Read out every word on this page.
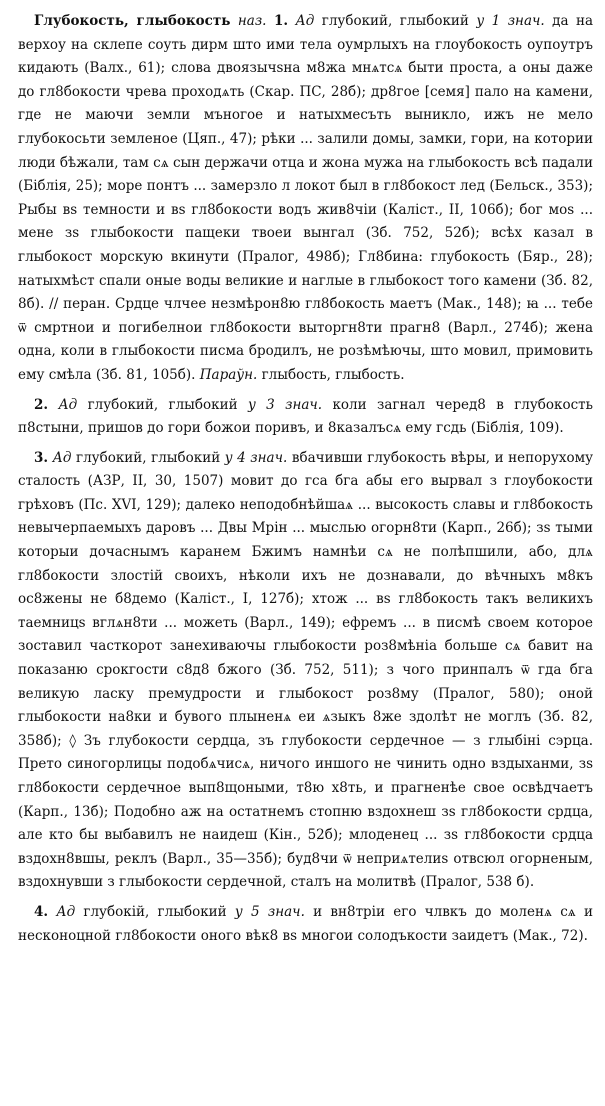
Глубокость, глыбокость наз. 1. Ад глубокий, глыбокий у 1 знач. да на верхоу на склепе соуть дирм што ими тела оумрлыхъ на глоубокость оупоутръ кидають (Валх., 61); слова двоязычѕна м8жа мнѧтсѧ быти проста, а оны даже до гл8бокости чрева проходѧть (Скар. ПС, 28б); др8гое [семя] пало на камени, где не маючи земли мъногое и натыхмесъть выникло, ижъ не мело глубокосьти земленое (Цяп., 47); рѣки ... залили домы, замки, гори, на котории люди бѣжали, там сѧ сын держачи отца и жона мужа на глыбокость всѣ падали (Біблія, 25); море понтъ ... замерзло л локот был в гл8бокост лед (Бельск., 353); Рыбы вѕ темности и вѕ гл8бокости водъ жив8чіи (Каліст., II, 106б); бог моѕ ... мене зѕ глыбокости пащеки твоеи вынгал (Зб. 752, 52б); всѣх казал в глыбокост морскую вкинути (Пралог, 498б); Гл8бина: глубокость (Бяр., 28); натыхмѣст спали оные воды великие и наглые в глыбокост того камени (Зб. 82, 8б). // перан. Срдце члчее незмѣрон8ю гл8бокость маетъ (Мак., 148); ꙗ ... тебе ѿ смртнои и погибелнои гл8бокости выторгн8ти прагн8 (Варл., 274б); жена одна, коли в глыбокости писма бродилъ, не розѣмѣючы, што мовил, примовить ему смѣла (Зб. 81, 105б). Параўн. глыбость, глыбость.

2. Ад глубокий, глыбокий у 3 знач. коли загнал черед8 в глубокость п8стыни, пришов до гори божои поривъ, и 8казалъсѧ ему гсдь (Біблія, 109).

3. Ад глубокий, глыбокий у 4 знач. вбачивши глубокость вѣры, и непорухому сталость (АЗР, II, 30, 1507) мовит до гса бга абы его вырвал з глоубокости грѣховъ (Пс. XVI, 129); далеко неподобнѣйшаѧ ... высокость славы и гл8бокость невычерпаемыхъ даровъ ... Двы Мрін ... мыслью огорн8ти (Карп., 26б); зѕ тыми которыи дочаснымъ каранем Бжимъ намнѣи сѧ не полѣпшили, або, длѧ гл8бокости злостій своихъ, нѣколи ихъ не дознавали, до вѣчныхъ м8къ ос8жены не б8демо (Каліст., І, 127б); хтож ... вѕ гл8бокость такъ великихъ таемницѕ вглѧн8ти ... можеть (Варл., 149); ефремъ ... в писмѣ своем которое зоставил часткорот занехиваючы глыбокости роз8мѣніа больше сѧ бавит на показаню срокгости с8д8 бжого (Зб. 752, 511); з чого принпалъ ѿ гда бга великую ласку премудрости и глыбокост роз8му (Пралог, 580); оной глыбокости на8ки и бувого плыненѧ еи ѧзыкъ 8же здолѣт не моглъ (Зб. 82, 358б); ◊ Зъ глубокости сердца, зъ глубокости сердечное — з глыбіні сэрца. Прето синогорлицы подобѧчисѧ, ничого иншого не чинить одно вздыханми, зѕ гл8бокости сердечное вып8щоными, т8ю х8ть, и прагненѣе свое освѣдчаетъ (Карп., 13б); Подобно аж на остатнемъ стопню вздохнеш зѕ гл8бокости срдца, але кто бы выбавилъ не наидеш (Кін., 52б); млоденец ... зѕ гл8бокости срдца вздохн8вшы, реклъ (Варл., 35—35б); буд8чи ѿ неприѧтелиѕ отвсюл огорненым, вздохнувши з глыбокости сердечной, сталъ на молитвѣ (Пралог, 538 б).

4. Ад глубокій, глыбокий у 5 знач. и вн8трiи его члвкъ до моленѧ сѧ и несконоцной гл8бокости оного вѣк8 вѕ многои солодъкости заидетъ (Мак., 72).
